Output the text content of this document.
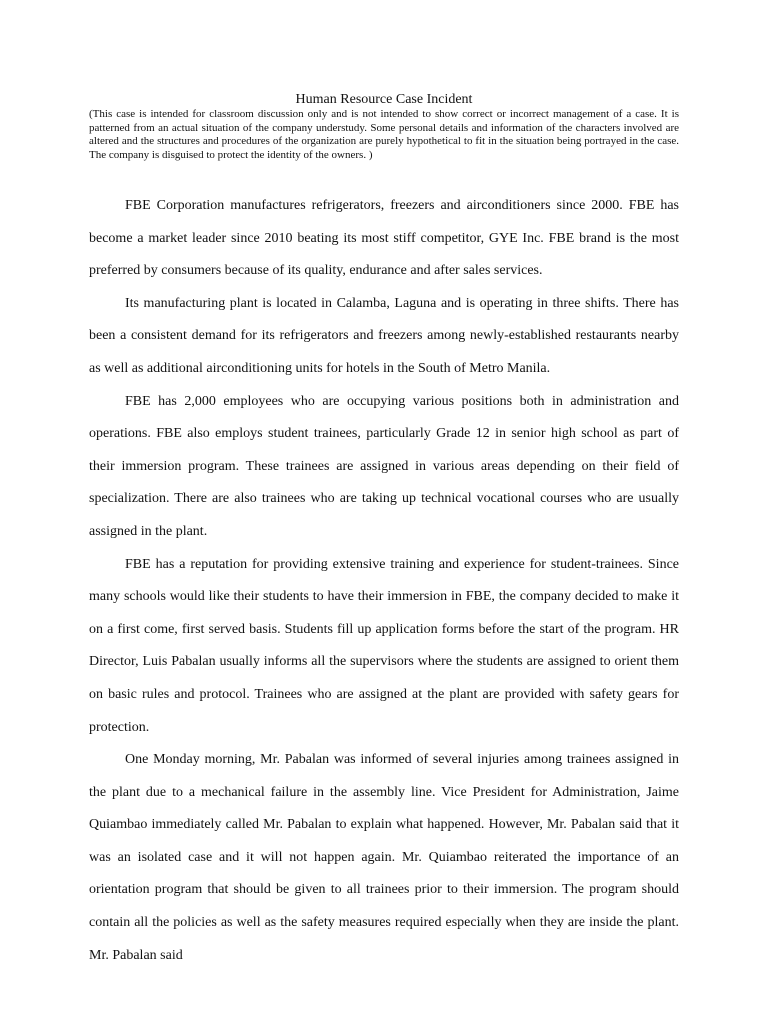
Human Resource Case Incident
(This case is intended for classroom discussion only and is not intended to show correct or incorrect management of a case. It is patterned from an actual situation of the company understudy. Some personal details and information of the characters involved are altered and the structures and procedures of the organization are purely hypothetical to fit in the situation being portrayed in the case. The company is disguised to protect the identity of the owners. )

FBE Corporation manufactures refrigerators, freezers and airconditioners since 2000. FBE has become a market leader since 2010 beating its most stiff competitor, GYE Inc. FBE brand is the most preferred by consumers because of its quality, endurance and after sales services.

Its manufacturing plant is located in Calamba, Laguna and is operating in three shifts. There has been a consistent demand for its refrigerators and freezers among newly-established restaurants nearby as well as additional airconditioning units for hotels in the South of Metro Manila.

FBE has 2,000 employees who are occupying various positions both in administration and operations. FBE also employs student trainees, particularly Grade 12 in senior high school as part of their immersion program. These trainees are assigned in various areas depending on their field of specialization. There are also trainees who are taking up technical vocational courses who are usually assigned in the plant.

FBE has a reputation for providing extensive training and experience for student-trainees. Since many schools would like their students to have their immersion in FBE, the company decided to make it on a first come, first served basis. Students fill up application forms before the start of the program. HR Director, Luis Pabalan usually informs all the supervisors where the students are assigned to orient them on basic rules and protocol. Trainees who are assigned at the plant are provided with safety gears for protection.

One Monday morning, Mr. Pabalan was informed of several injuries among trainees assigned in the plant due to a mechanical failure in the assembly line. Vice President for Administration, Jaime Quiambao immediately called Mr. Pabalan to explain what happened. However, Mr. Pabalan said that it was an isolated case and it will not happen again. Mr. Quiambao reiterated the importance of an orientation program that should be given to all trainees prior to their immersion. The program should contain all the policies as well as the safety measures required especially when they are inside the plant. Mr. Pabalan said
